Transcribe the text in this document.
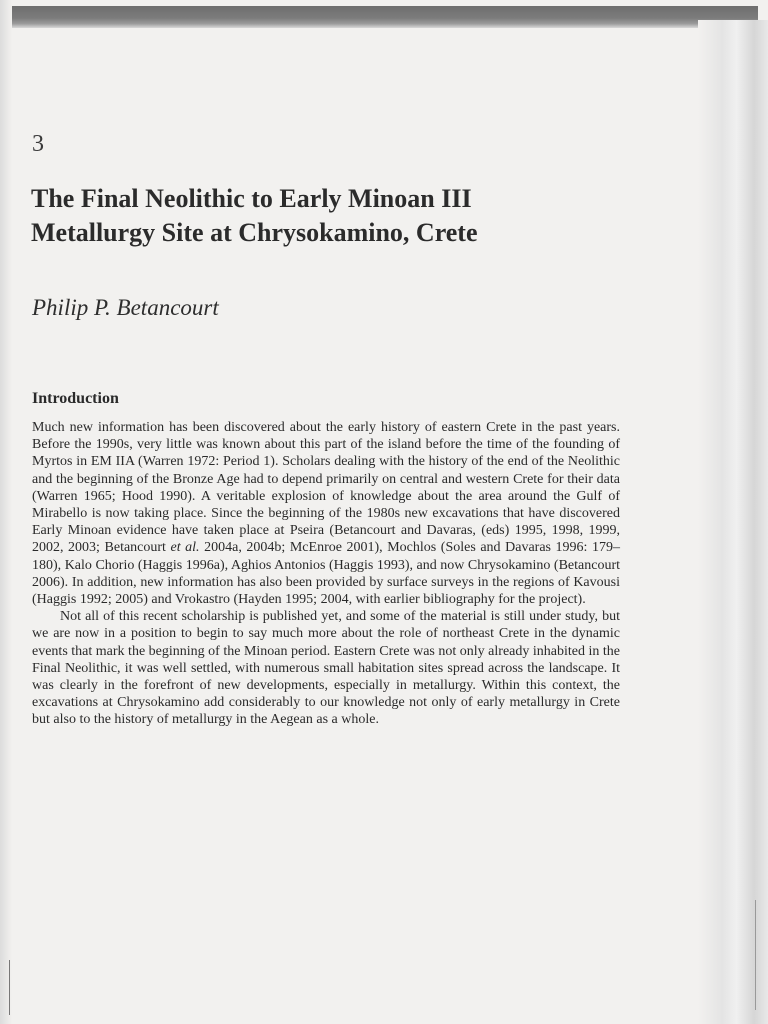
3
The Final Neolithic to Early Minoan III
Metallurgy Site at Chrysokamino, Crete
Philip P. Betancourt
Introduction

Much new information has been discovered about the early history of eastern Crete in the past years. Before the 1990s, very little was known about this part of the island before the time of the founding of Myrtos in EM IIA (Warren 1972: Period 1). Scholars dealing with the history of the end of the Neolithic and the beginning of the Bronze Age had to depend primarily on central and western Crete for their data (Warren 1965; Hood 1990). A veritable explosion of knowledge about the area around the Gulf of Mirabello is now taking place. Since the beginning of the 1980s new excavations that have discovered Early Minoan evidence have taken place at Pseira (Betancourt and Davaras, (eds) 1995, 1998, 1999, 2002, 2003; Betancourt et al. 2004a, 2004b; McEnroe 2001), Mochlos (Soles and Davaras 1996: 179–180), Kalo Chorio (Haggis 1996a), Aghios Antonios (Haggis 1993), and now Chrysokamino (Betancourt 2006). In addition, new information has also been provided by surface surveys in the regions of Kavousi (Haggis 1992; 2005) and Vrokastro (Hayden 1995; 2004, with earlier bibliography for the project).

Not all of this recent scholarship is published yet, and some of the material is still under study, but we are now in a position to begin to say much more about the role of northeast Crete in the dynamic events that mark the beginning of the Minoan period. Eastern Crete was not only already inhabited in the Final Neolithic, it was well settled, with numerous small habitation sites spread across the landscape. It was clearly in the forefront of new developments, especially in metallurgy. Within this context, the excavations at Chrysokamino add considerably to our knowledge not only of early metallurgy in Crete but also to the history of metallurgy in the Aegean as a whole.
